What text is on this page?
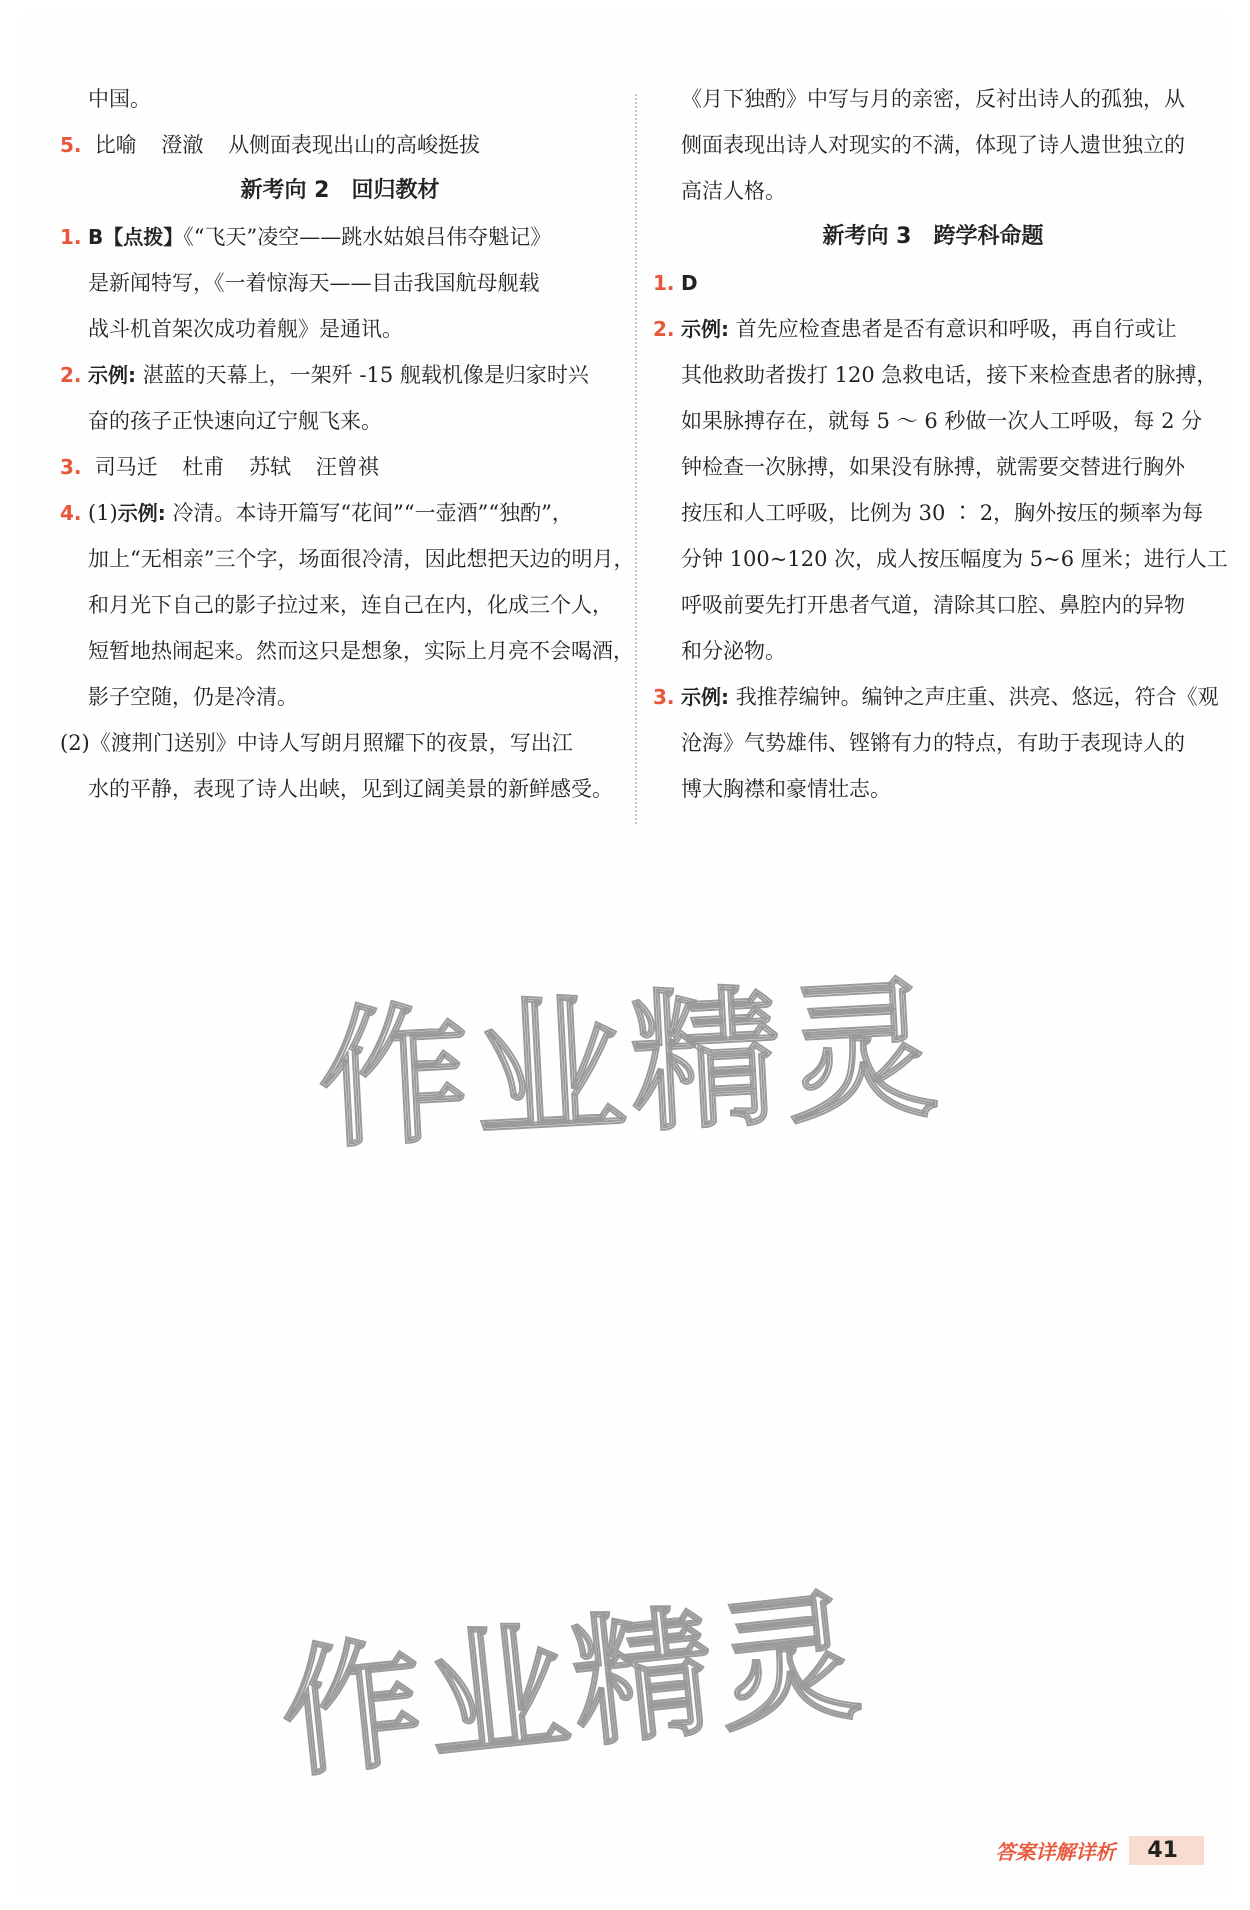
中国。
5. 比喻 澄澈 从侧面表现出山的高峻挺拔
新考向 2　回归教材
1. B【点拨】《“飞天”凌空——跳水姑娘吕伟夺魁记》
是新闻特写，《一着惊海天——目击我国航母舰载
战斗机首架次成功着舰》是通讯。
2. 示例: 湛蓝的天幕上，一架歼 -15 舰载机像是归家时兴
奋的孩子正快速向辽宁舰飞来。
3. 司马迁 杜甫 苏轼 汪曾祺
4. (1)示例: 冷清。本诗开篇写“花间”“一壶酒”“独酌”，
加上“无相亲”三个字，场面很冷清，因此想把天边的明月，
和月光下自己的影子拉过来，连自己在内，化成三个人，
短暂地热闹起来。然而这只是想象，实际上月亮不会喝酒，
影子空随，仍是冷清。
(2)《渡荆门送别》中诗人写朗月照耀下的夜景，写出江
水的平静，表现了诗人出峡，见到辽阔美景的新鲜感受。
《月下独酌》中写与月的亲密，反衬出诗人的孤独，从
侧面表现出诗人对现实的不满，体现了诗人遗世独立的
高洁人格。
新考向 3　跨学科命题
1. D
2. 示例: 首先应检查患者是否有意识和呼吸，再自行或让
其他救助者拨打 120 急救电话，接下来检查患者的脉搏，
如果脉搏存在，就每 5 ～ 6 秒做一次人工呼吸，每 2 分
钟检查一次脉搏，如果没有脉搏，就需要交替进行胸外
按压和人工呼吸，比例为 30 ∶ 2，胸外按压的频率为每
分钟 100~120 次，成人按压幅度为 5~6 厘米；进行人工
呼吸前要先打开患者气道，清除其口腔、鼻腔内的异物
和分泌物。
3. 示例: 我推荐编钟。编钟之声庄重、洪亮、悠远，符合《观
沧海》气势雄伟、铿锵有力的特点，有助于表现诗人的
博大胸襟和豪情壮志。
作业精灵
作业精灵
答案详解详析	41
